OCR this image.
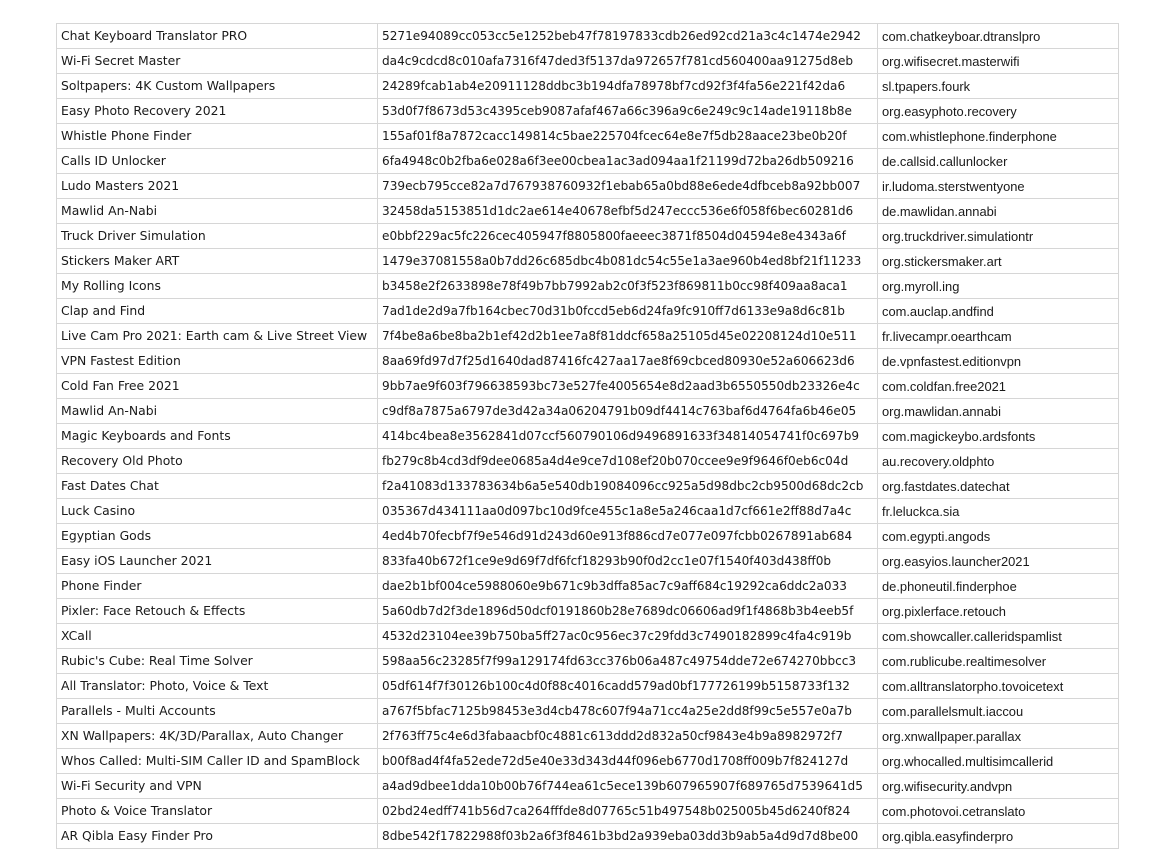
Chat Keyboard Translator PRO	5271e94089cc053cc5e1252beb47f78197833cdb26ed92cd21a3c4c1474e2942	com.chatkeyboar.dtranslpro
Wi-Fi Secret Master	da4c9cdcd8c010afa7316f47ded3f5137da972657f781cd560400aa91275d8eb	org.wifisecret.masterwifi
Soltpapers: 4K Custom Wallpapers	24289fcab1ab4e20911128ddbc3b194dfa78978bf7cd92f3f4fa56e221f42da6	sl.tpapers.fourk
Easy Photo Recovery 2021	53d0f7f8673d53c4395ceb9087afaf467a66c396a9c6e249c9c14ade19118b8e	org.easyphoto.recovery
Whistle Phone Finder	155af01f8a7872cacc149814c5bae225704fcec64e8e7f5db28aace23be0b20f	com.whistlephone.finderphone
Calls ID Unlocker	6fa4948c0b2fba6e028a6f3ee00cbea1ac3ad094aa1f21199d72ba26db509216	de.callsid.callunlocker
Ludo Masters 2021	739ecb795cce82a7d767938760932f1ebab65a0bd88e6ede4dfbceb8a92bb007	ir.ludoma.sterstwentyone
Mawlid An-Nabi	32458da5153851d1dc2ae614e40678efbf5d247eccc536e6f058f6bec60281d6	de.mawlidan.annabi
Truck Driver Simulation	e0bbf229ac5fc226cec405947f8805800faeeec3871f8504d04594e8e4343a6f	org.truckdriver.simulationtr
Stickers Maker ART	1479e37081558a0b7dd26c685dbc4b081dc54c55e1a3ae960b4ed8bf21f11233	org.stickersmaker.art
My Rolling Icons	b3458e2f2633898e78f49b7bb7992ab2c0f3f523f869811b0cc98f409aa8aca1	org.myroll.ing
Clap and Find	7ad1de2d9a7fb164cbec70d31b0fccd5eb6d24fa9fc910ff7d6133e9a8d6c81b	com.auclap.andfind
Live Cam Pro 2021: Earth cam & Live Street View	7f4be8a6be8ba2b1ef42d2b1ee7a8f81ddcf658a25105d45e02208124d10e511	fr.livecampr.oearthcam
VPN Fastest Edition	8aa69fd97d7f25d1640dad87416fc427aa17ae8f69cbced80930e52a606623d6	de.vpnfastest.editionvpn
Cold Fan Free 2021	9bb7ae9f603f796638593bc73e527fe4005654e8d2aad3b6550550db23326e4c	com.coldfan.free2021
Mawlid An-Nabi	c9df8a7875a6797de3d42a34a06204791b09df4414c763baf6d4764fa6b46e05	org.mawlidan.annabi
Magic Keyboards and Fonts	414bc4bea8e3562841d07ccf560790106d9496891633f34814054741f0c697b9	com.magickeybo.ardsfonts
Recovery Old Photo	fb279c8b4cd3df9dee0685a4d4e9ce7d108ef20b070ccee9e9f9646f0eb6c04d	au.recovery.oldphto
Fast Dates Chat	f2a41083d133783634b6a5e540db19084096cc925a5d98dbc2cb9500d68dc2cb	org.fastdates.datechat
Luck Casino	035367d434111aa0d097bc10d9fce455c1a8e5a246caa1d7cf661e2ff88d7a4c	fr.leluckca.sia
Egyptian Gods	4ed4b70fecbf7f9e546d91d243d60e913f886cd7e077e097fcbb0267891ab684	com.egypti.angods
Easy iOS Launcher 2021	833fa40b672f1ce9e9d69f7df6fcf18293b90f0d2cc1e07f1540f403d438ff0b	org.easyios.launcher2021
Phone Finder	dae2b1bf004ce5988060e9b671c9b3dffa85ac7c9aff684c19292ca6ddc2a033	de.phoneutil.finderphoe
Pixler: Face Retouch & Effects	5a60db7d2f3de1896d50dcf0191860b28e7689dc06606ad9f1f4868b3b4eeb5f	org.pixlerface.retouch
XCall	4532d23104ee39b750ba5ff27ac0c956ec37c29fdd3c7490182899c4fa4c919b	com.showcaller.calleridspamlist
Rubic's Cube: Real Time Solver	598aa56c23285f7f99a129174fd63cc376b06a487c49754dde72e674270bbcc3	com.rublicube.realtimesolver
All Translator: Photo, Voice & Text	05df614f7f30126b100c4d0f88c4016cadd579ad0bf177726199b5158733f132	com.alltranslatorpho.tovoicetext
Parallels - Multi Accounts	a767f5bfac7125b98453e3d4cb478c607f94a71cc4a25e2dd8f99c5e557e0a7b	com.parallelsmult.iaccou
XN Wallpapers: 4K/3D/Parallax, Auto Changer	2f763ff75c4e6d3fabaacbf0c4881c613ddd2d832a50cf9843e4b9a8982972f7	org.xnwallpaper.parallax
Whos Called: Multi-SIM Caller ID and SpamBlock	b00f8ad4f4fa52ede72d5e40e33d343d44f096eb6770d1708ff009b7f824127d	org.whocalled.multisimcallerid
Wi-Fi Security and VPN	a4ad9dbee1dda10b00b76f744ea61c5ece139b607965907f689765d7539641d5	org.wifisecurity.andvpn
Photo & Voice Translator	02bd24edff741b56d7ca264fffde8d07765c51b497548b025005b45d6240f824	com.photovoi.cetranslato
AR Qibla Easy Finder Pro	8dbe542f17822988f03b2a6f3f8461b3bd2a939eba03dd3b9ab5a4d9d7d8be00	org.qibla.easyfinderpro
